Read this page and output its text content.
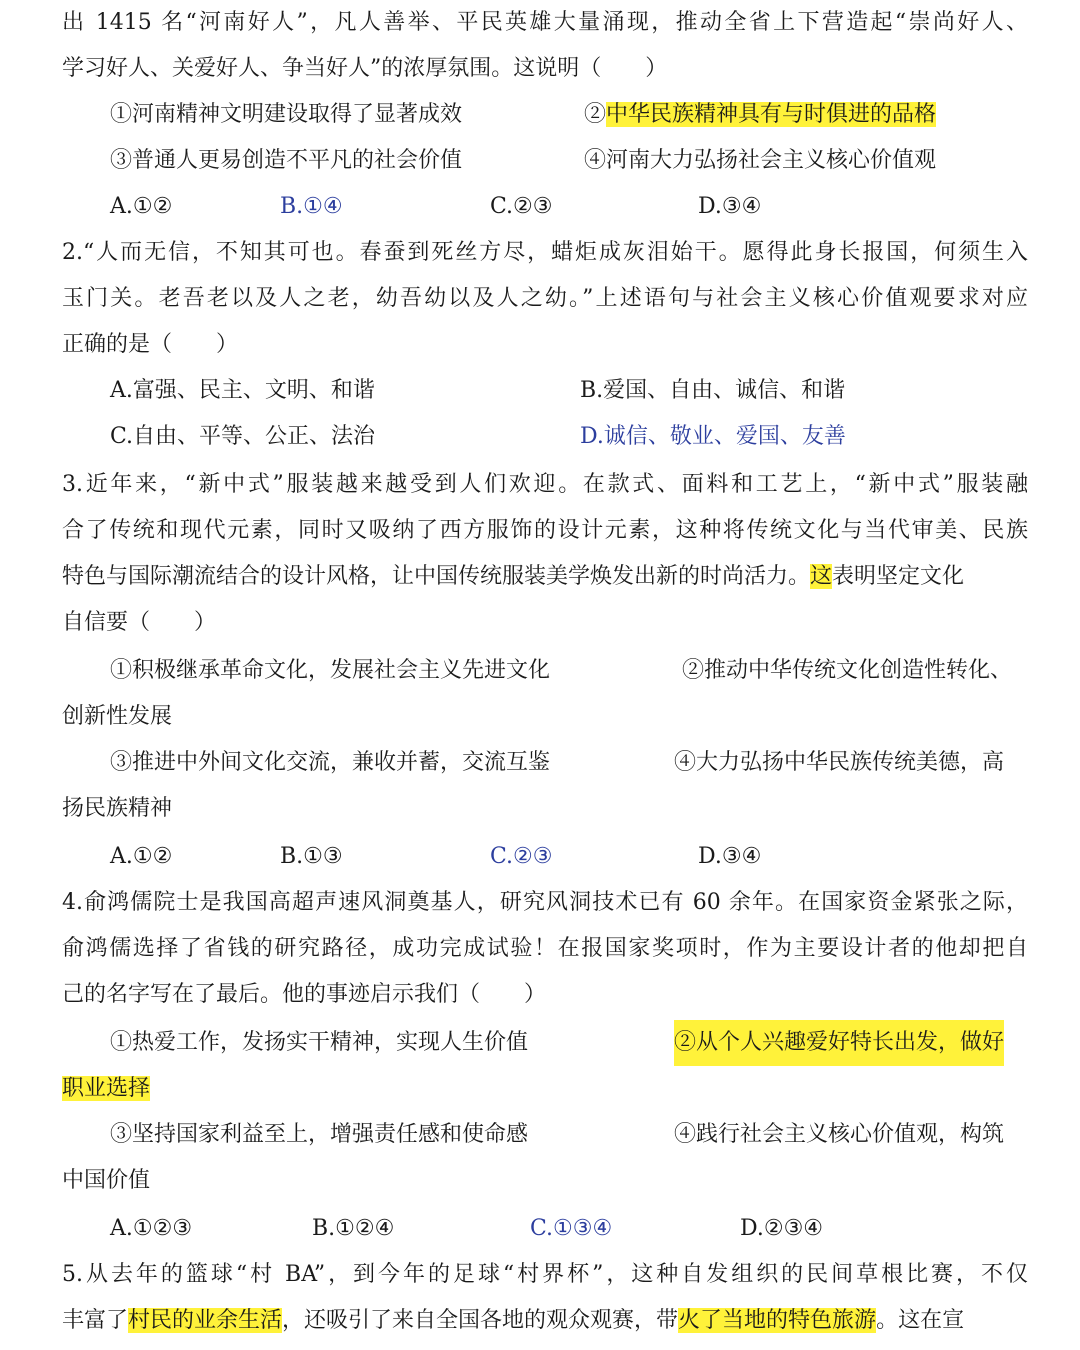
出 1415 名“河南好人”，凡人善举、平民英雄大量涌现，推动全省上下营造起“崇尚好人、
学习好人、关爱好人、争当好人”的浓厚氛围。这说明（　　）
①河南精神文明建设取得了显著成效	②中华民族精神具有与时俱进的品格
③普通人更易创造不平凡的社会价值	④河南大力弘扬社会主义核心价值观
A.①②	B.①④	C.②③	D.③④
2.“人而无信，不知其可也。春蚕到死丝方尽，蜡炬成灰泪始干。愿得此身长报国，何须生入
玉门关。老吾老以及人之老，幼吾幼以及人之幼。”上述语句与社会主义核心价值观要求对应
正确的是（　　）
A.富强、民主、文明、和谐	B.爱国、自由、诚信、和谐
C.自由、平等、公正、法治	D.诚信、敬业、爱国、友善
3.近年来，“新中式”服装越来越受到人们欢迎。在款式、面料和工艺上，“新中式”服装融
合了传统和现代元素，同时又吸纳了西方服饰的设计元素，这种将传统文化与当代审美、民族
特色与国际潮流结合的设计风格，让中国传统服装美学焕发出新的时尚活力。这表明坚定文化
自信要（　　）
①积极继承革命文化，发展社会主义先进文化	②推动中华传统文化创造性转化、
创新性发展
③推进中外间文化交流，兼收并蓄，交流互鉴	④大力弘扬中华民族传统美德，高
扬民族精神
A.①②	B.①③	C.②③	D.③④
4.俞鸿儒院士是我国高超声速风洞奠基人，研究风洞技术已有 60 余年。在国家资金紧张之际，
俞鸿儒选择了省钱的研究路径，成功完成试验！在报国家奖项时，作为主要设计者的他却把自
己的名字写在了最后。他的事迹启示我们（　　）
①热爱工作，发扬实干精神，实现人生价值	②从个人兴趣爱好特长出发，做好
职业选择
③坚持国家利益至上，增强责任感和使命感	④践行社会主义核心价值观，构筑
中国价值
A.①②③	B.①②④	C.①③④	D.②③④
5.从去年的篮球“村 BA”，到今年的足球“村界杯”，这种自发组织的民间草根比赛，不仅
丰富了村民的业余生活，还吸引了来自全国各地的观众观赛，带火了当地的特色旅游。这在宣
